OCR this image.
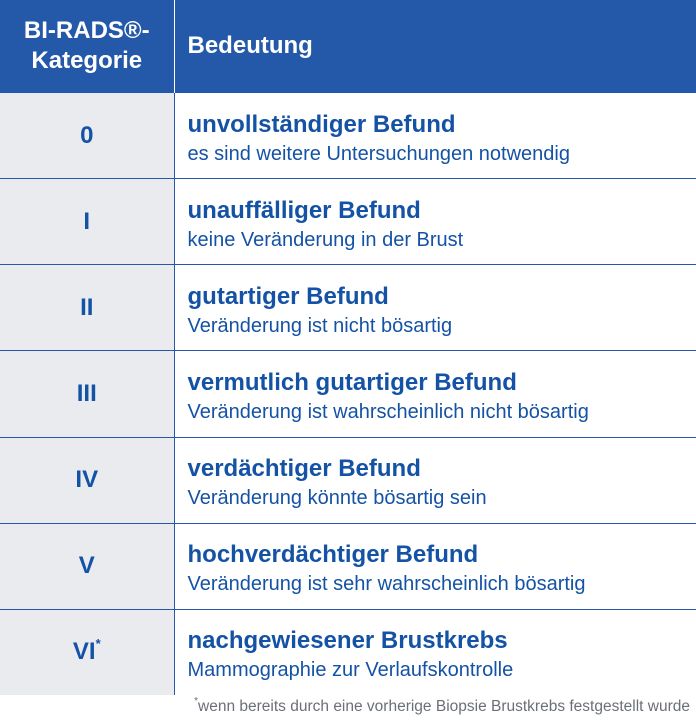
BI-RADS®-
Kategorie	Bedeutung
0	unvollständiger Befund
es sind weitere Untersuchungen notwendig

I	unauffälliger Befund
keine Veränderung in der Brust

II	gutartiger Befund
Veränderung ist nicht bösartig

III	vermutlich gutartiger Befund
Veränderung ist wahrscheinlich nicht bösartig

IV	verdächtiger Befund
Veränderung könnte bösartig sein

V	hochverdächtiger Befund
Veränderung ist sehr wahrscheinlich bösartig

VI*	nachgewiesener Brustkrebs
Mammographie zur Verlaufskontrolle
*wenn bereits durch eine vorherige Biopsie Brustkrebs festgestellt wurde
